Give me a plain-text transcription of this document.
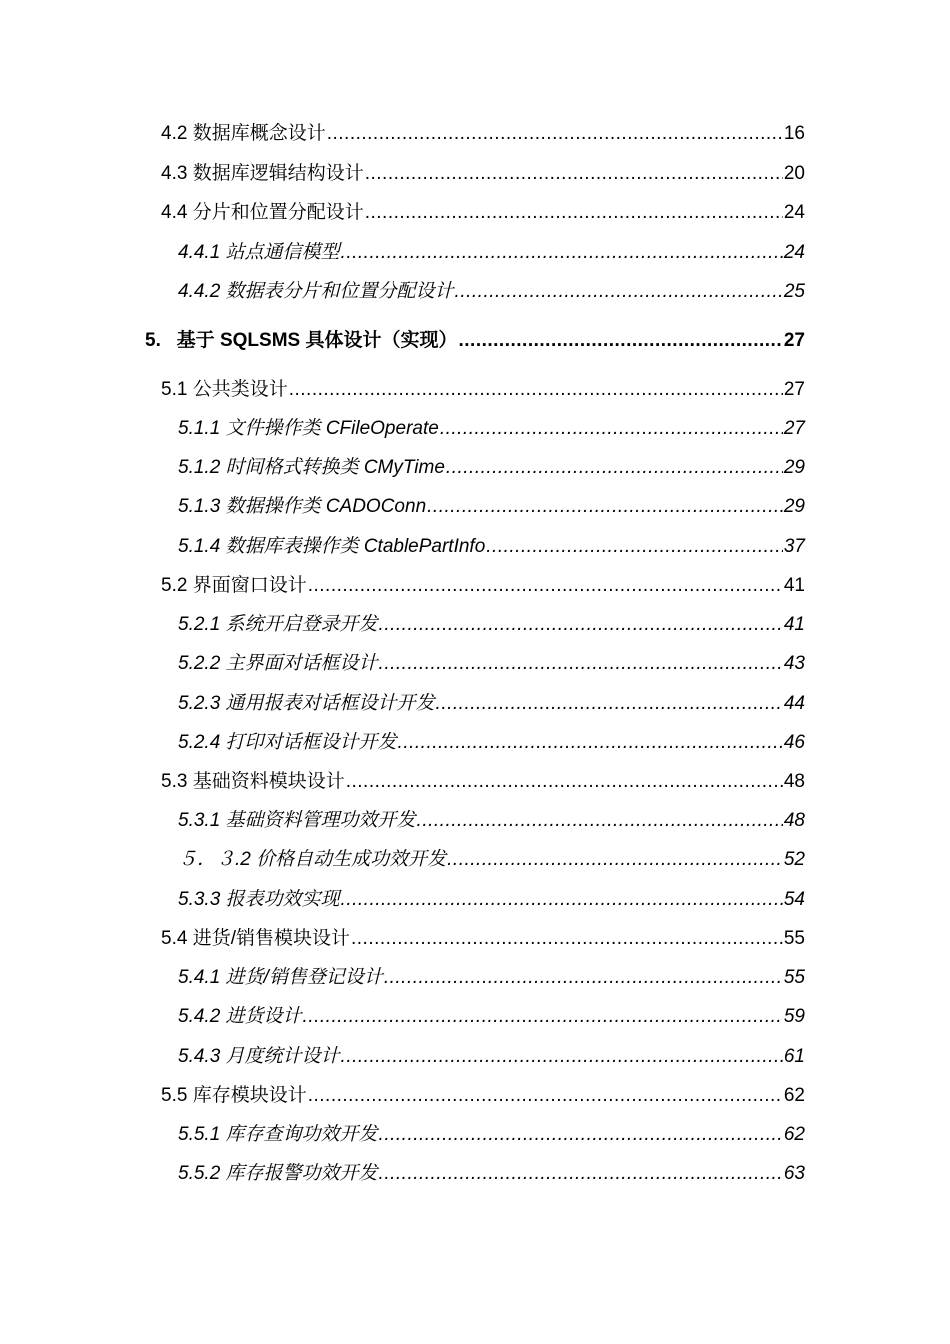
4.2 数据库概念设计 .....	16
4.3 数据库逻辑结构设计 .....	20
4.4 分片和位置分配设计 .....	24
4.4.1 站点通信模型 .....	24
4.4.2 数据表分片和位置分配设计 .....	25
5.   基于 SQLSMS 具体设计（实现） .....	27
5.1 公共类设计 .....	27
5.1.1 文件操作类 CFileOperate .....	27
5.1.2 时间格式转换类 CMyTime .....	29
5.1.3 数据操作类 CADOConn .....	29
5.1.4 数据库表操作类 CtablePartInfo .....	37
5.2 界面窗口设计 .....	41
5.2.1 系统开启登录开发 .....	41
5.2.2 主界面对话框设计 .....	43
5.2.3 通用报表对话框设计开发 .....	44
5.2.4 打印对话框设计开发 .....	46
5.3 基础资料模块设计 .....	48
5.3.1 基础资料管理功效开发 .....	48
５．３.2 价格自动生成功效开发 .....	52
5.3.3 报表功效实现 .....	54
5.4 进货/销售模块设计 .....	55
5.4.1 进货/销售登记设计 .....	55
5.4.2 进货设计 .....	59
5.4.3 月度统计设计 .....	61
5.5 库存模块设计 .....	62
5.5.1 库存查询功效开发 .....	62
5.5.2 库存报警功效开发 .....	63
